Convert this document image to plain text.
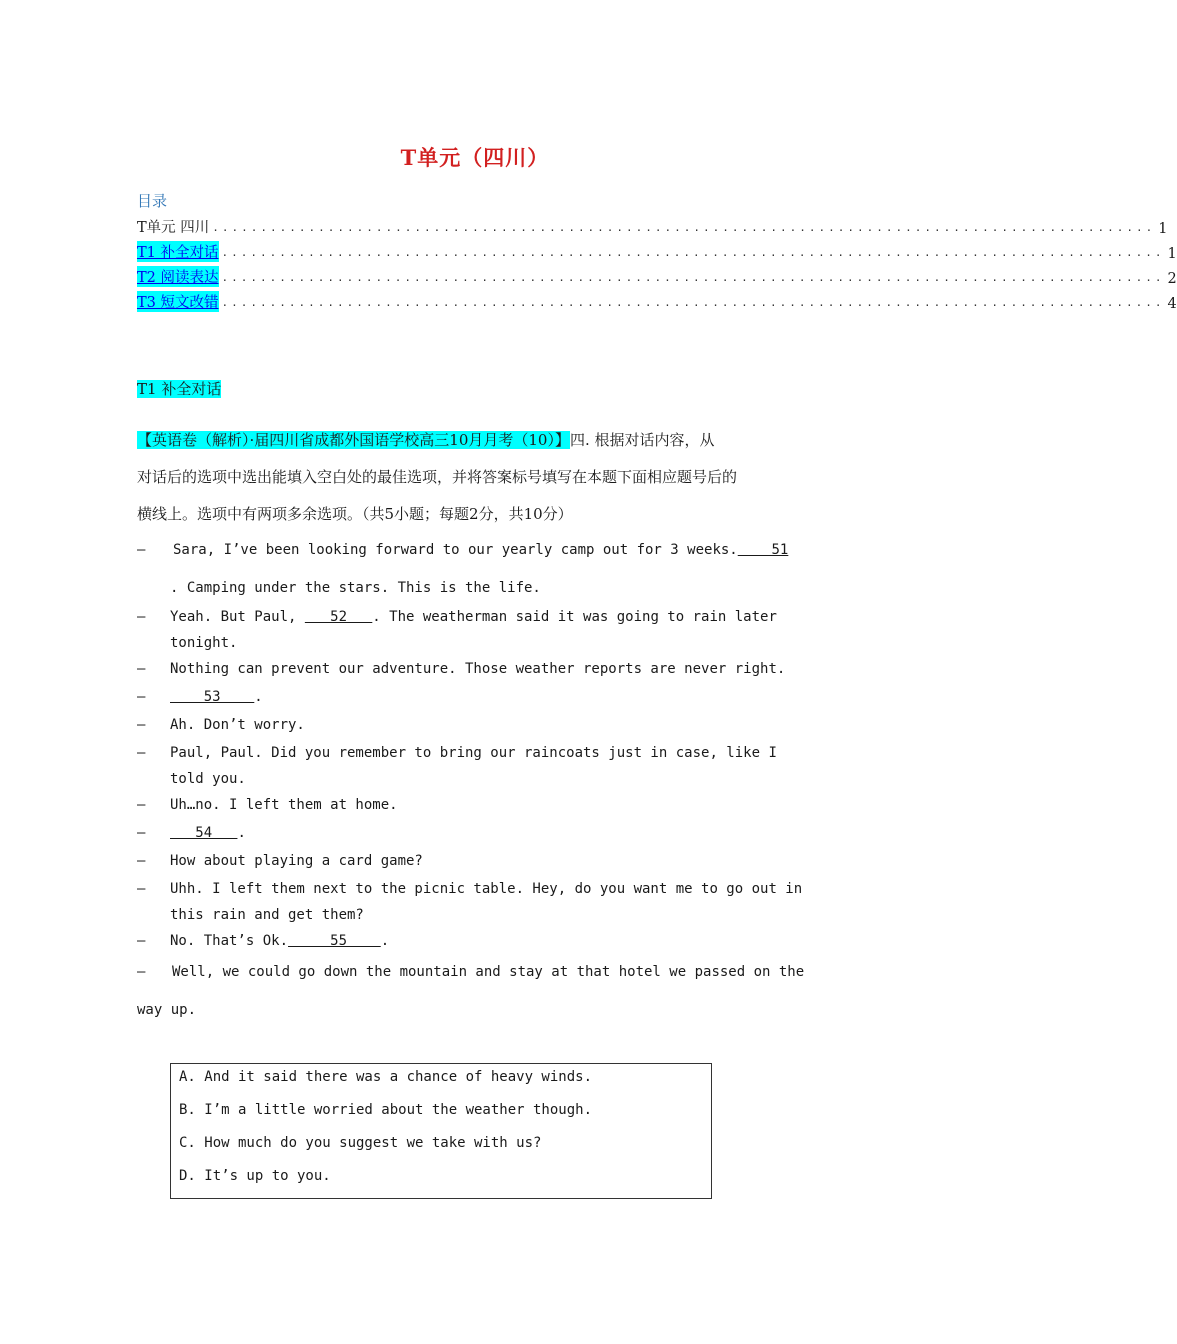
T单元（四川）
目录
T单元 四川 .................................................................................................. 1
T1 补全对话 .................................................................................................. 1
T2 阅读表达 .................................................................................................. 2
T3 短文改错 .................................................................................................. 4
T1 补全对话
【英语卷（解析）·届四川省成都外国语学校高三10月月考（10）】四. 根据对话内容，从
对话后的选项中选出能填入空白处的最佳选项，并将答案标号填写在本题下面相应题号后的
横线上。选项中有两项多余选项。（共5小题；每题2分，共10分）
— Sara, I’ve been looking forward to our yearly camp out for 3 weeks.    51
. Camping under the stars. This is the life.
— Yeah. But Paul,    52   . The weatherman said it was going to rain later
tonight.
— Nothing can prevent our adventure. Those weather reports are never right.
— 53    .
— Ah. Don’t worry.
— Paul, Paul. Did you remember to bring our raincoats just in case, like I
told you.
— Uh…no. I left them at home.
— 54   .
— How about playing a card game?
— Uhh. I left them next to the picnic table. Hey, do you want me to go out in
this rain and get them?
— No. That’s Ok.     55    .
— Well, we could go down the mountain and stay at that hotel we passed on the
way up.
A. And it said there was a chance of heavy winds.
B. I’m a little worried about the weather though.
C. How much do you suggest we take with us?
D. It’s up to you.
